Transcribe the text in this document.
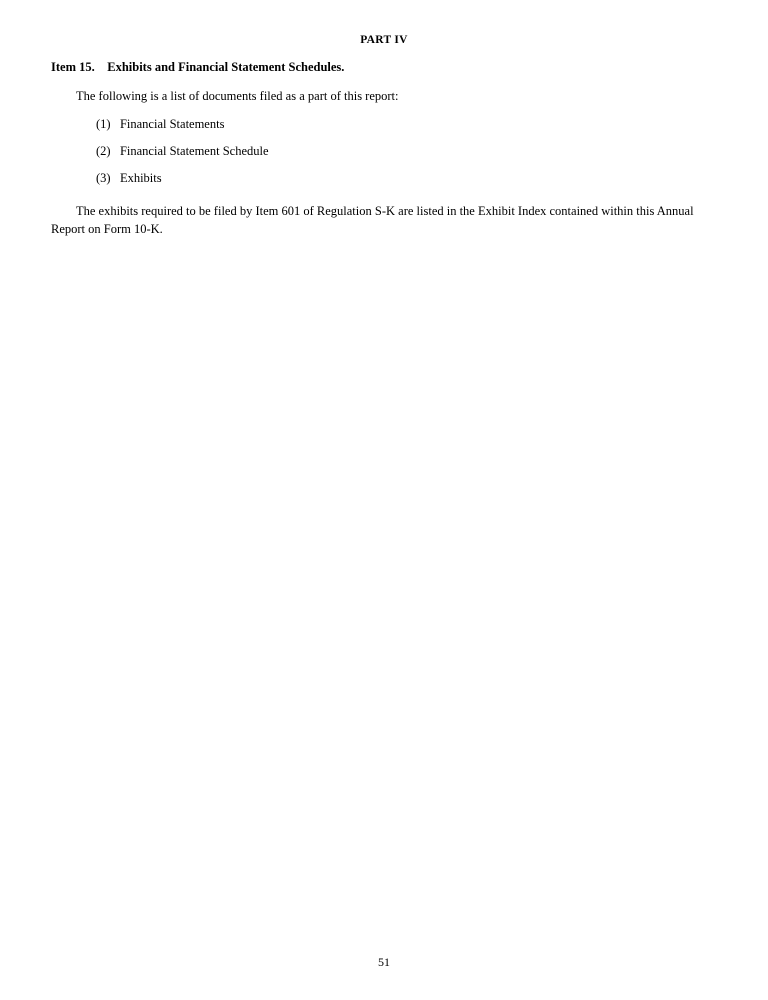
PART IV
Item 15.    Exhibits and Financial Statement Schedules.

The following is a list of documents filed as a part of this report:

(1)   Financial Statements
(2)   Financial Statement Schedule
(3)   Exhibits

The exhibits required to be filed by Item 601 of Regulation S-K are listed in the Exhibit Index contained within this Annual Report on Form 10-K.

51
